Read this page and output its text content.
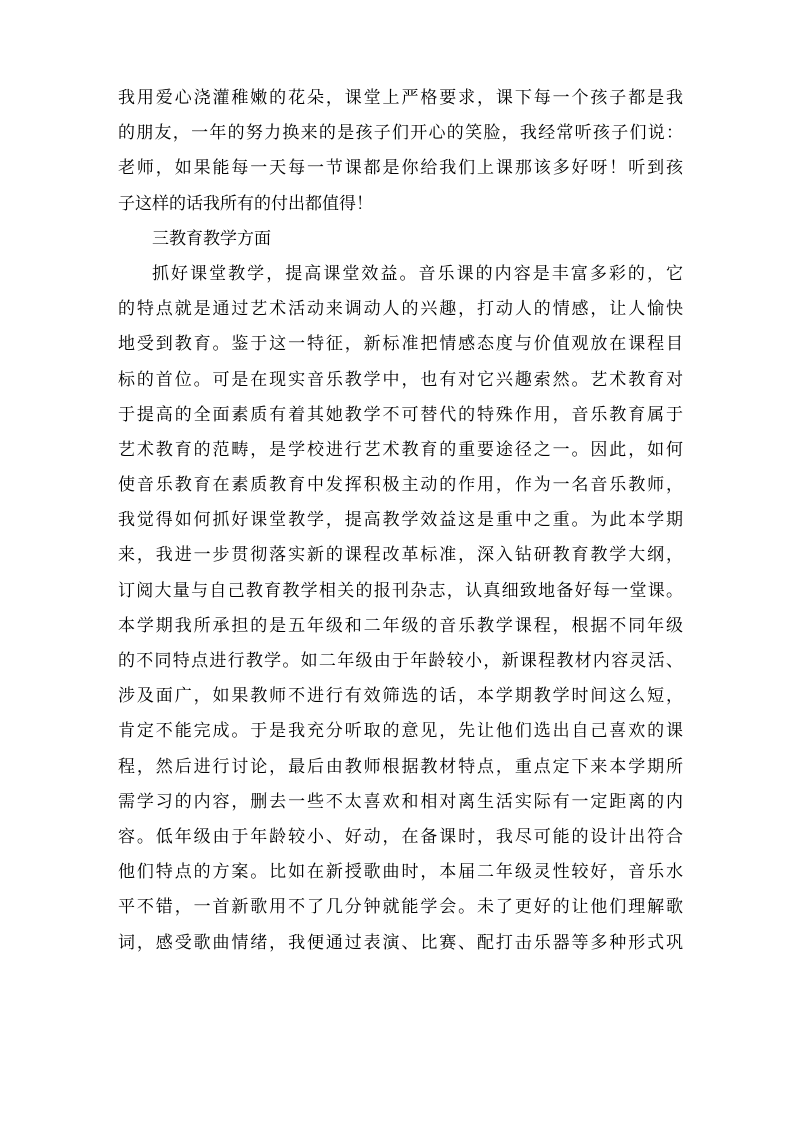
我用爱心浇灌稚嫩的花朵，课堂上严格要求，课下每一个孩子都是我
的朋友，一年的努力换来的是孩子们开心的笑脸，我经常听孩子们说：
老师，如果能每一天每一节课都是你给我们上课那该多好呀！听到孩
子这样的话我所有的付出都值得！
三教育教学方面
抓好课堂教学，提高课堂效益。音乐课的内容是丰富多彩的，它
的特点就是通过艺术活动来调动人的兴趣，打动人的情感，让人愉快
地受到教育。鉴于这一特征，新标准把情感态度与价值观放在课程目
标的首位。可是在现实音乐教学中，也有对它兴趣索然。艺术教育对
于提高的全面素质有着其她教学不可替代的特殊作用，音乐教育属于
艺术教育的范畴，是学校进行艺术教育的重要途径之一。因此，如何
使音乐教育在素质教育中发挥积极主动的作用，作为一名音乐教师，
我觉得如何抓好课堂教学，提高教学效益这是重中之重。为此本学期
来，我进一步贯彻落实新的课程改革标准，深入钻研教育教学大纲，
订阅大量与自己教育教学相关的报刊杂志，认真细致地备好每一堂课。
本学期我所承担的是五年级和二年级的音乐教学课程，根据不同年级
的不同特点进行教学。如二年级由于年龄较小，新课程教材内容灵活、
涉及面广，如果教师不进行有效筛选的话，本学期教学时间这么短，
肯定不能完成。于是我充分听取的意见，先让他们选出自己喜欢的课
程，然后进行讨论，最后由教师根据教材特点，重点定下来本学期所
需学习的内容，删去一些不太喜欢和相对离生活实际有一定距离的内
容。低年级由于年龄较小、好动，在备课时，我尽可能的设计出符合
他们特点的方案。比如在新授歌曲时，本届二年级灵性较好，音乐水
平不错，一首新歌用不了几分钟就能学会。未了更好的让他们理解歌
词，感受歌曲情绪，我便通过表演、比赛、配打击乐器等多种形式巩
